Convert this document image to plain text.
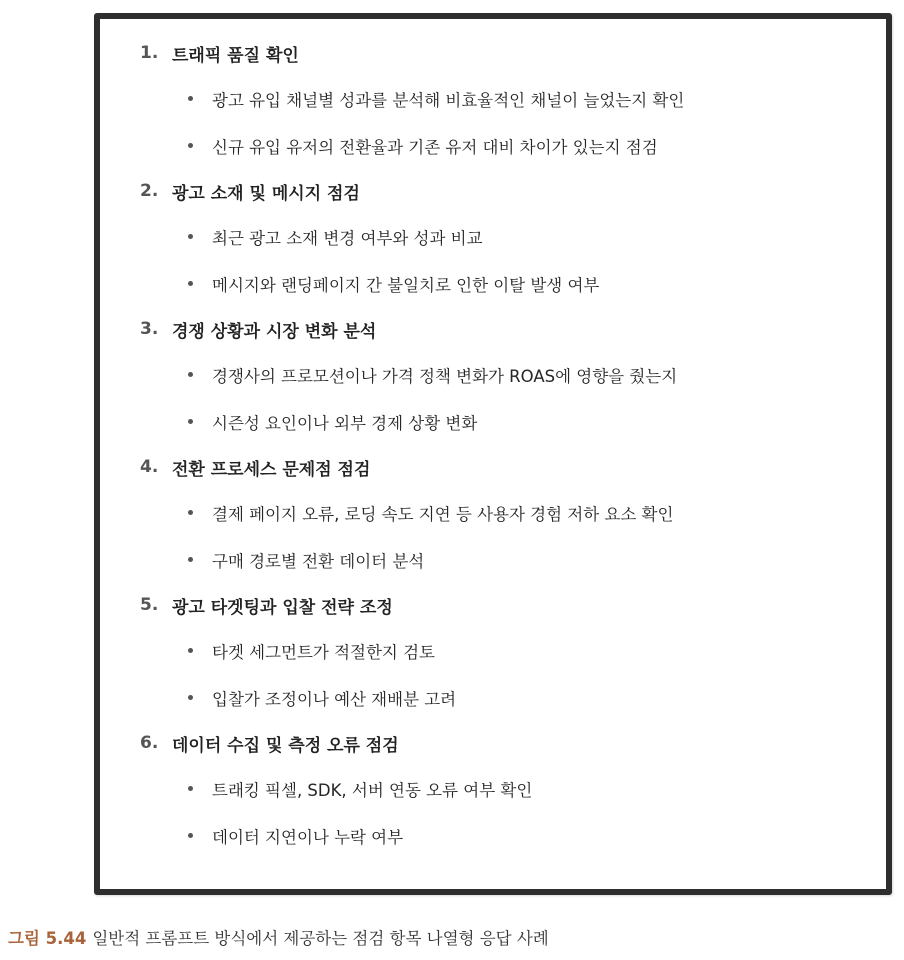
1. 트래픽 품질 확인
광고 유입 채널별 성과를 분석해 비효율적인 채널이 늘었는지 확인
신규 유입 유저의 전환율과 기존 유저 대비 차이가 있는지 점검
2. 광고 소재 및 메시지 점검
최근 광고 소재 변경 여부와 성과 비교
메시지와 랜딩페이지 간 불일치로 인한 이탈 발생 여부
3. 경쟁 상황과 시장 변화 분석
경쟁사의 프로모션이나 가격 정책 변화가 ROAS에 영향을 줬는지
시즌성 요인이나 외부 경제 상황 변화
4. 전환 프로세스 문제점 점검
결제 페이지 오류, 로딩 속도 지연 등 사용자 경험 저하 요소 확인
구매 경로별 전환 데이터 분석
5. 광고 타겟팅과 입찰 전략 조정
타겟 세그먼트가 적절한지 검토
입찰가 조정이나 예산 재배분 고려
6. 데이터 수집 및 측정 오류 점검
트래킹 픽셀, SDK, 서버 연동 오류 여부 확인
데이터 지연이나 누락 여부
그림 5.44 일반적 프롬프트 방식에서 제공하는 점검 항목 나열형 응답 사례
